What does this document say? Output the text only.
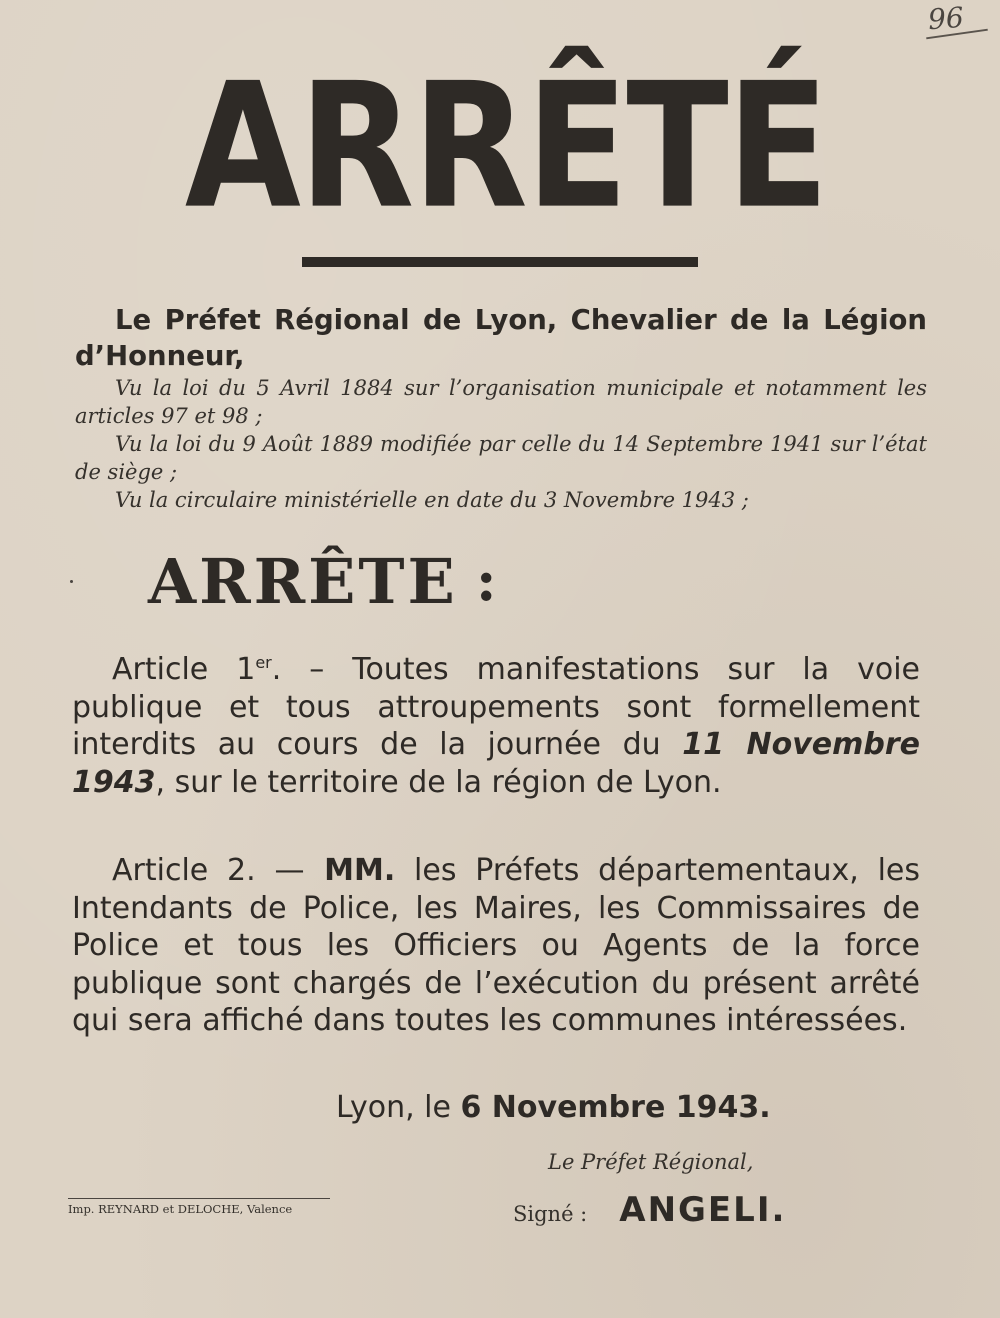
96
ARRÊTÉ

Le Préfet Régional de Lyon, Chevalier de la Légion d’Honneur,

Vu la loi du 5 Avril 1884 sur l’organisation municipale et notamment les articles 97 et 98 ;

Vu la loi du 9 Août 1889 modifiée par celle du 14 Septembre 1941 sur l’état de siège ;

Vu la circulaire ministérielle en date du 3 Novembre 1943 ;

ARRÊTE :

Article 1er. – Toutes manifestations sur la voie publique et tous attroupements sont formellement interdits au cours de la journée du 11 Novembre 1943, sur le territoire de la région de Lyon.

Article 2. — MM. les Préfets départementaux, les Intendants de Police, les Maires, les Commissaires de Police et tous les Officiers ou Agents de la force publique sont chargés de l’exécution du présent arrêté qui sera affiché dans toutes les communes intéressées.

Lyon, le 6 Novembre 1943.
Le Préfet Régional,
Signé : ANGELI.
Imp. REYNARD et DELOCHE, Valence
